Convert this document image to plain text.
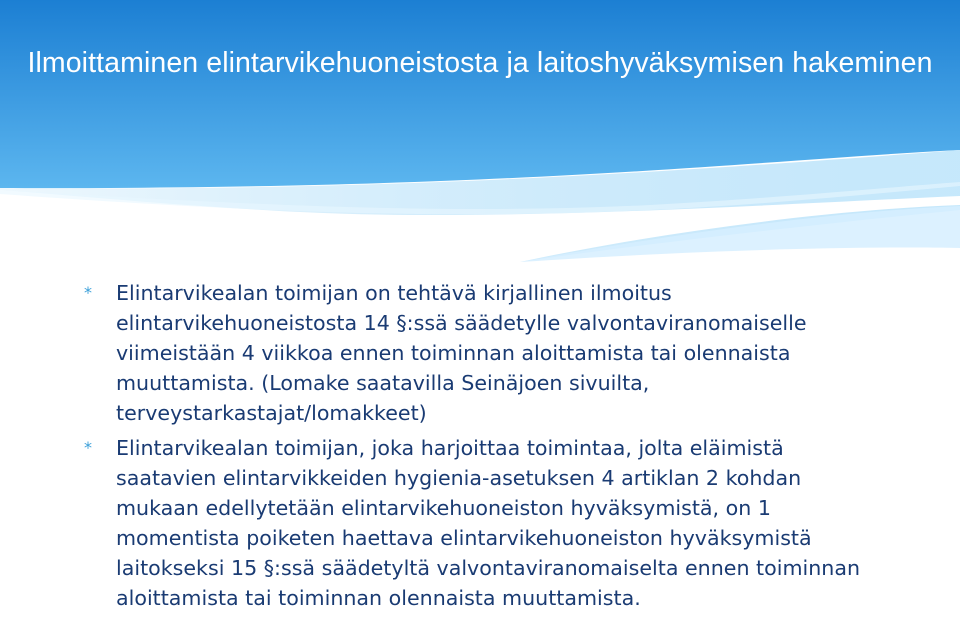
Ilmoittaminen elintarvikehuoneistosta ja laitoshyväksymisen hakeminen
* Elintarvikealan toimijan on tehtävä kirjallinen ilmoitus elintarvikehuoneistosta 14 §:ssä säädetylle valvontaviranomaiselle viimeistään 4 viikkoa ennen toiminnan aloittamista tai olennaista muuttamista. (Lomake saatavilla Seinäjoen sivuilta, terveystarkastajat/lomakkeet)
* Elintarvikealan toimijan, joka harjoittaa toimintaa, jolta eläimistä saatavien elintarvikkeiden hygienia-asetuksen 4 artiklan 2 kohdan mukaan edellytetään elintarvikehuoneiston hyväksymistä, on 1 momentista poiketen haettava elintarvikehuoneiston hyväksymistä laitokseksi 15 §:ssä säädetyltä valvontaviranomaiselta ennen toiminnan aloittamista tai toiminnan olennaista muuttamista.
